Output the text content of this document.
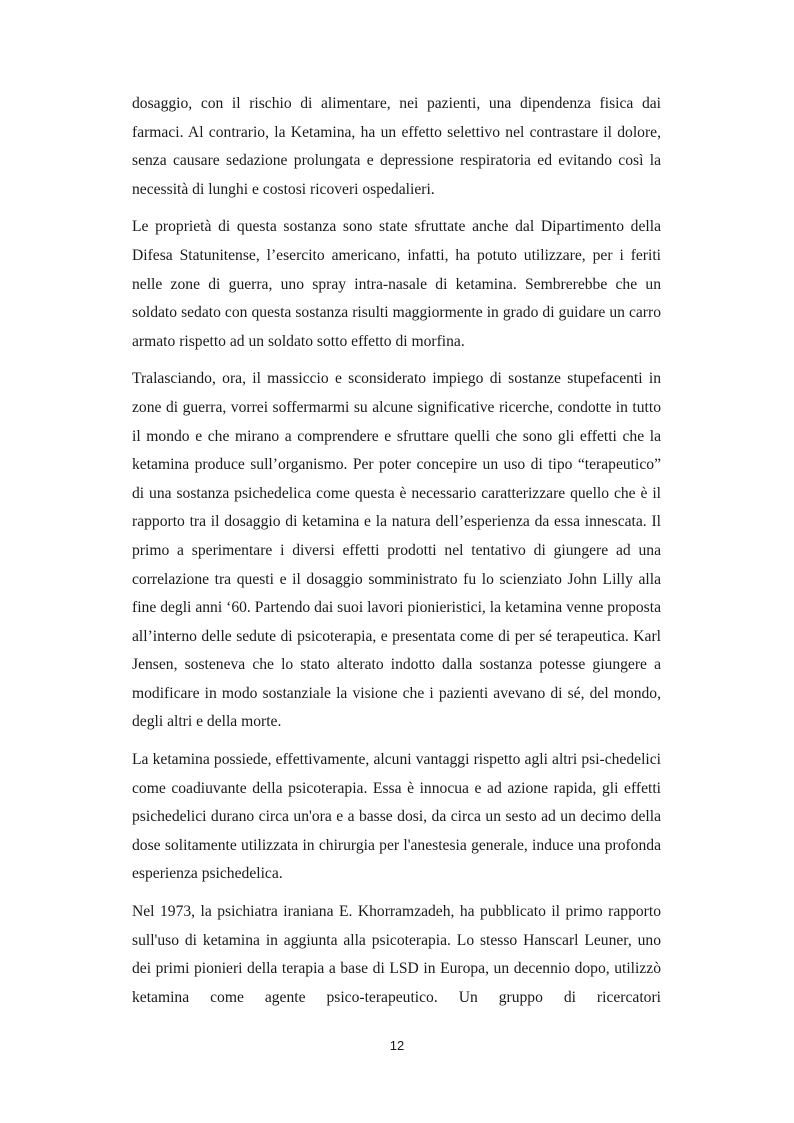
dosaggio, con il rischio di alimentare, nei pazienti, una dipendenza fisica dai farmaci. Al contrario, la Ketamina, ha un effetto selettivo nel contrastare il dolore, senza causare sedazione prolungata e depressione respiratoria ed evitando così la necessità di lunghi e costosi ricoveri ospedalieri.

Le proprietà di questa sostanza sono state sfruttate anche dal Dipartimento della Difesa Statunitense, l’esercito americano, infatti, ha potuto utilizzare, per i feriti nelle zone di guerra, uno spray intra-nasale di ketamina. Sembrerebbe che un soldato sedato con questa sostanza risulti maggiormente in grado di guidare un carro armato rispetto ad un soldato sotto effetto di morfina.

Tralasciando, ora, il massiccio e sconsiderato impiego di sostanze stupefacenti in zone di guerra, vorrei soffermarmi su alcune significative ricerche, condotte in tutto il mondo e che mirano a comprendere e sfruttare quelli che sono gli effetti che la ketamina produce sull’organismo. Per poter concepire un uso di tipo “terapeutico” di una sostanza psichedelica come questa è necessario caratterizzare quello che è il rapporto tra il dosaggio di ketamina e la natura dell’esperienza da essa innescata. Il primo a sperimentare i diversi effetti prodotti nel tentativo di giungere ad una correlazione tra questi e il dosaggio somministrato fu lo scienziato John Lilly alla fine degli anni ‘60. Partendo dai suoi lavori pionieristici, la ketamina venne proposta all’interno delle sedute di psicoterapia, e presentata come di per sé terapeutica. Karl Jensen, sosteneva che lo stato alterato indotto dalla sostanza potesse giungere a modificare in modo sostanziale la visione che i pazienti avevano di sé, del mondo, degli altri e della morte.

La ketamina possiede, effettivamente, alcuni vantaggi rispetto agli altri psi-chedelici come coadiuvante della psicoterapia. Essa è innocua e ad azione rapida, gli effetti psichedelici durano circa un'ora e a basse dosi, da circa un sesto ad un decimo della dose solitamente utilizzata in chirurgia per l'anestesia generale, induce una profonda esperienza psichedelica.

Nel 1973, la psichiatra iraniana E. Khorramzadeh, ha pubblicato il primo rapporto sull'uso di ketamina in aggiunta alla psicoterapia. Lo stesso Hanscarl Leuner, uno dei primi pionieri della terapia a base di LSD in Europa, un decennio dopo, utilizzò ketamina come agente psico-terapeutico. Un gruppo di ricercatori

12
